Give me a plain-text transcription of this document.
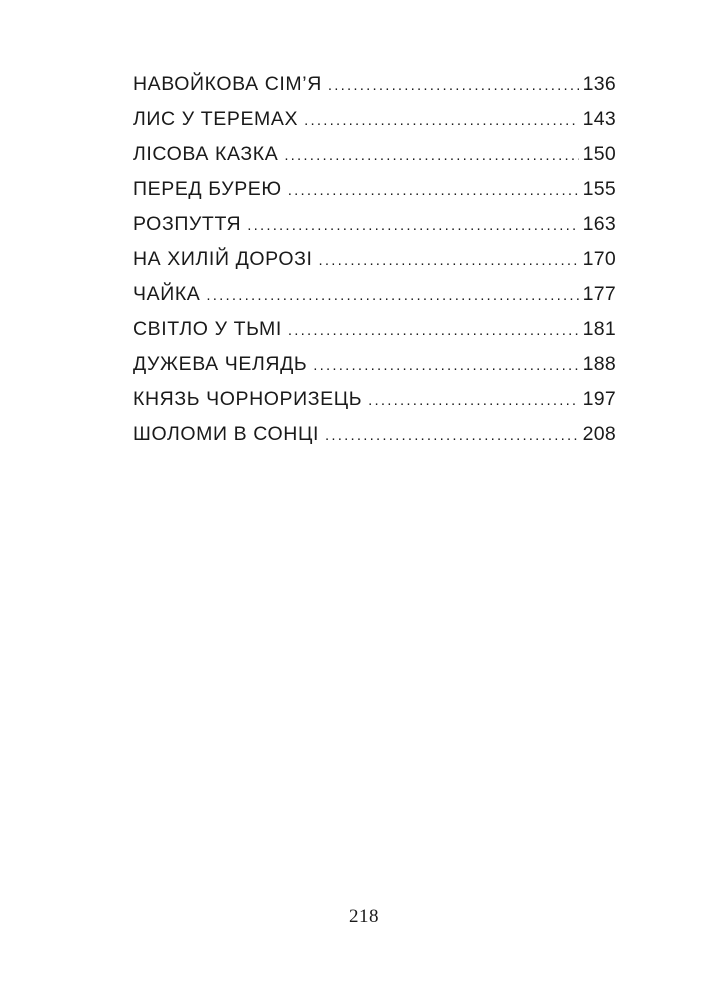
НАВОЙКОВА СІМ’Я .....	136
ЛИС У ТЕРЕМАХ .....	143
ЛІСОВА КАЗКА .....	150
ПЕРЕД БУРЕЮ .....	155
РОЗПУТТЯ .....	163
НА ХИЛІЙ ДОРОЗІ .....	170
ЧАЙКА .....	177
СВІТЛО У ТЬМІ .....	181
ДУЖЕВА ЧЕЛЯДЬ .....	188
КНЯЗЬ ЧОРНОРИЗЕЦЬ .....	197
ШОЛОМИ В СОНЦІ .....	208
218
